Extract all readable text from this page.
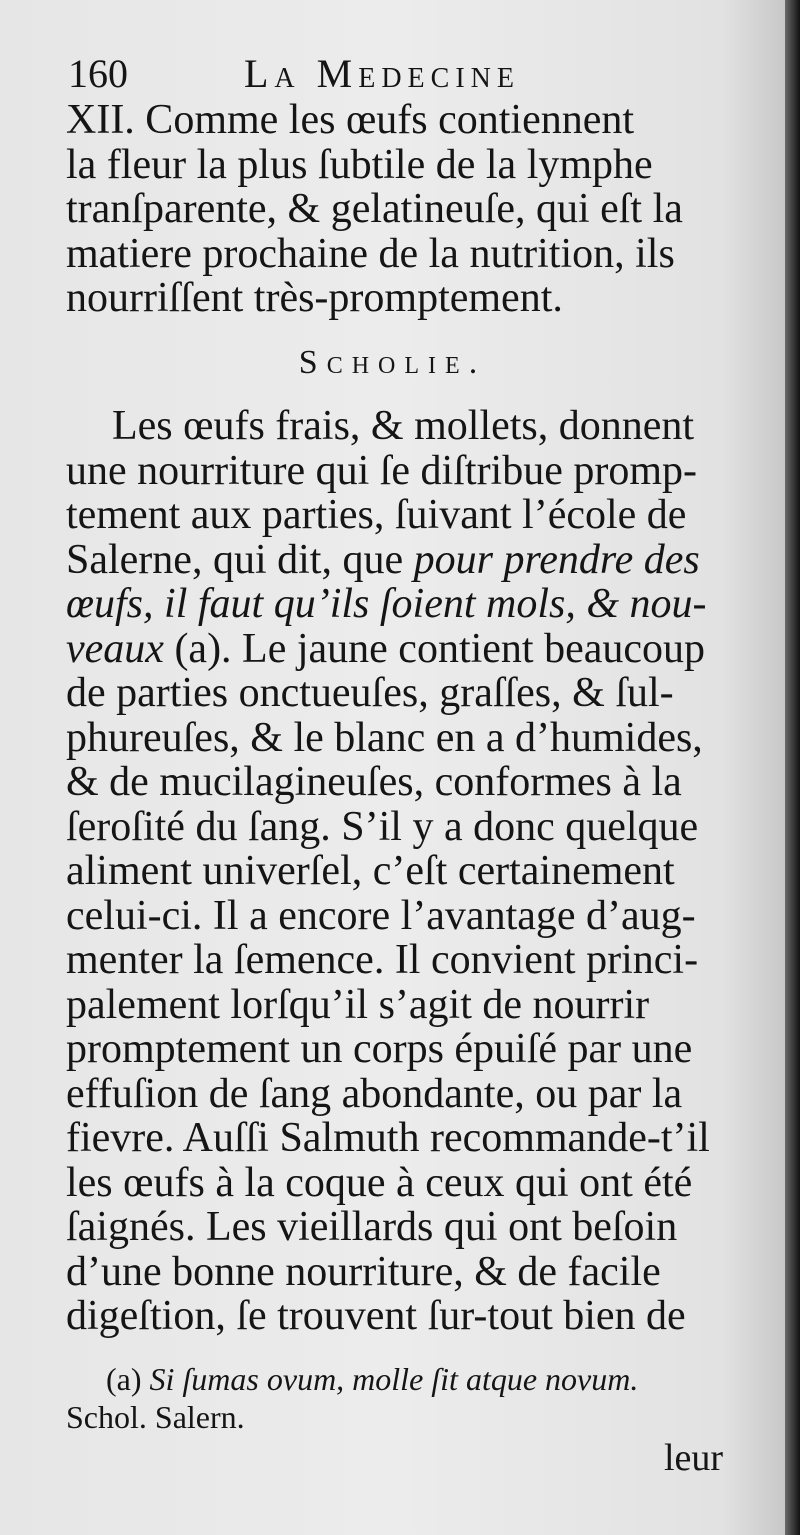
160	La Medecine

XII. Comme les œufs contiennent
la fleur la plus ſubtile de la lymphe
tranſparente, & gelatineuſe, qui eſt la
matiere prochaine de la nutrition, ils
nourriſſent très-promptement.

Scholie.

Les œufs frais, & mollets, donnent
une nourriture qui ſe diſtribue promp-
tement aux parties, ſuivant l’école de
Salerne, qui dit, que pour prendre des
œufs, il faut qu’ils ſoient mols, & nou-
veaux (a). Le jaune contient beaucoup
de parties onctueuſes, graſſes, & ſul-
phureuſes, & le blanc en a d’humides,
& de mucilagineuſes, conformes à la
ſeroſité du ſang. S’il y a donc quelque
aliment univerſel, c’eſt certainement
celui-ci. Il a encore l’avantage d’aug-
menter la ſemence. Il convient princi-
palement lorſqu’il s’agit de nourrir
promptement un corps épuiſé par une
effuſion de ſang abondante, ou par la
fievre. Auſſi Salmuth recommande-t’il
les œufs à la coque à ceux qui ont été
ſaignés. Les vieillards qui ont beſoin
d’une bonne nourriture, & de facile
digeſtion, ſe trouvent ſur-tout bien de

(a) Si ſumas ovum, molle ſit atque novum.
Schol. Salern.
leur
